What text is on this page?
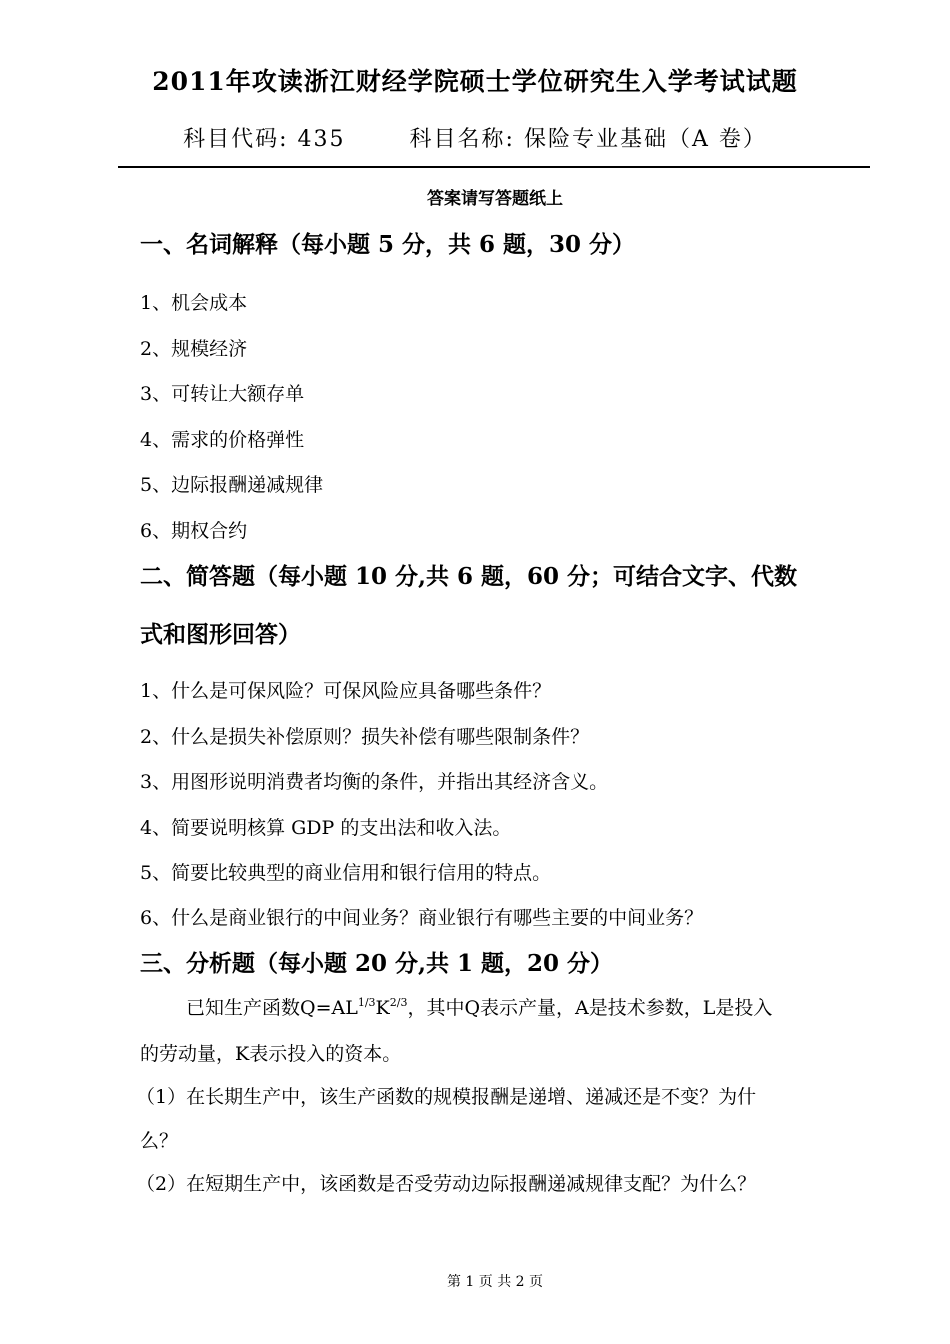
2011年攻读浙江财经学院硕士学位研究生入学考试试题
科目代码: 435	科目名称: 保险专业基础（A 卷）
答案请写答题纸上
一、名词解释（每小题 5 分，共 6 题，30 分）
1、机会成本
2、规模经济
3、可转让大额存单
4、需求的价格弹性
5、边际报酬递减规律
6、期权合约
二、简答题（每小题 10 分,共 6 题，60 分；可结合文字、代数
式和图形回答）
1、什么是可保风险？可保风险应具备哪些条件？
2、什么是损失补偿原则？损失补偿有哪些限制条件？
3、用图形说明消费者均衡的条件，并指出其经济含义。
4、简要说明核算 GDP 的支出法和收入法。
5、简要比较典型的商业信用和银行信用的特点。
6、什么是商业银行的中间业务？商业银行有哪些主要的中间业务？
三、分析题（每小题 20 分,共 1 题，20 分）
已知生产函数$Q=AL^{1/3}K^{2/3}$，其中Q表示产量，A是技术参数，L是投入
的劳动量，K表示投入的资本。
（1）在长期生产中，该生产函数的规模报酬是递增、递减还是不变？为什
么？
（2）在短期生产中，该函数是否受劳动边际报酬递减规律支配？为什么？
第 1 页 共 2 页
